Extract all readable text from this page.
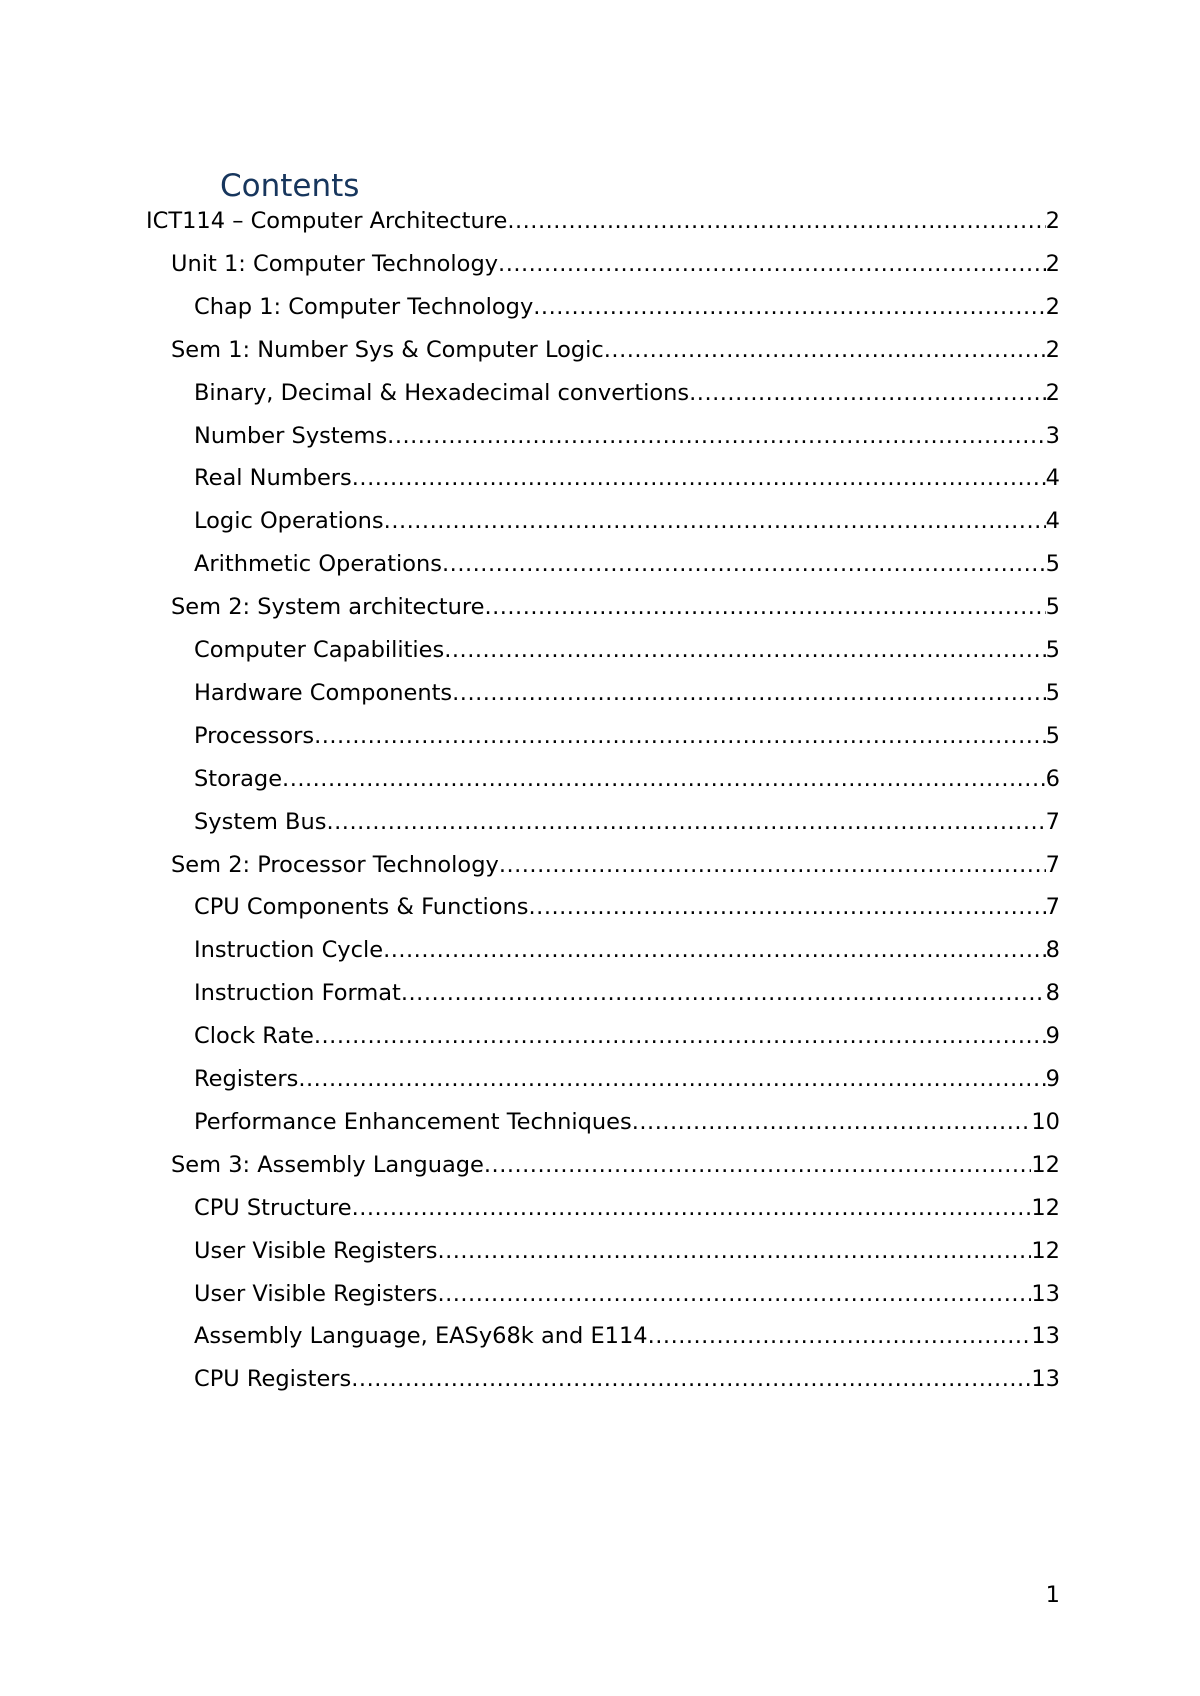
Contents
ICT114 – Computer Architecture .....	2
Unit 1: Computer Technology .....	2
Chap 1: Computer Technology .....	2
Sem 1: Number Sys & Computer Logic .....	2
Binary, Decimal & Hexadecimal convertions .....	2
Number Systems .....	3
Real Numbers .....	4
Logic Operations .....	4
Arithmetic Operations .....	5
Sem 2: System architecture .....	5
Computer Capabilities .....	5
Hardware Components .....	5
Processors .....	5
Storage .....	6
System Bus .....	7
Sem 2: Processor Technology .....	7
CPU Components & Functions .....	7
Instruction Cycle .....	8
Instruction Format .....	8
Clock Rate .....	9
Registers .....	9
Performance Enhancement Techniques .....	10
Sem 3: Assembly Language .....	12
CPU Structure .....	12
User Visible Registers .....	12
User Visible Registers .....	13
Assembly Language, EASy68k and E114 .....	13
CPU Registers .....	13
1
